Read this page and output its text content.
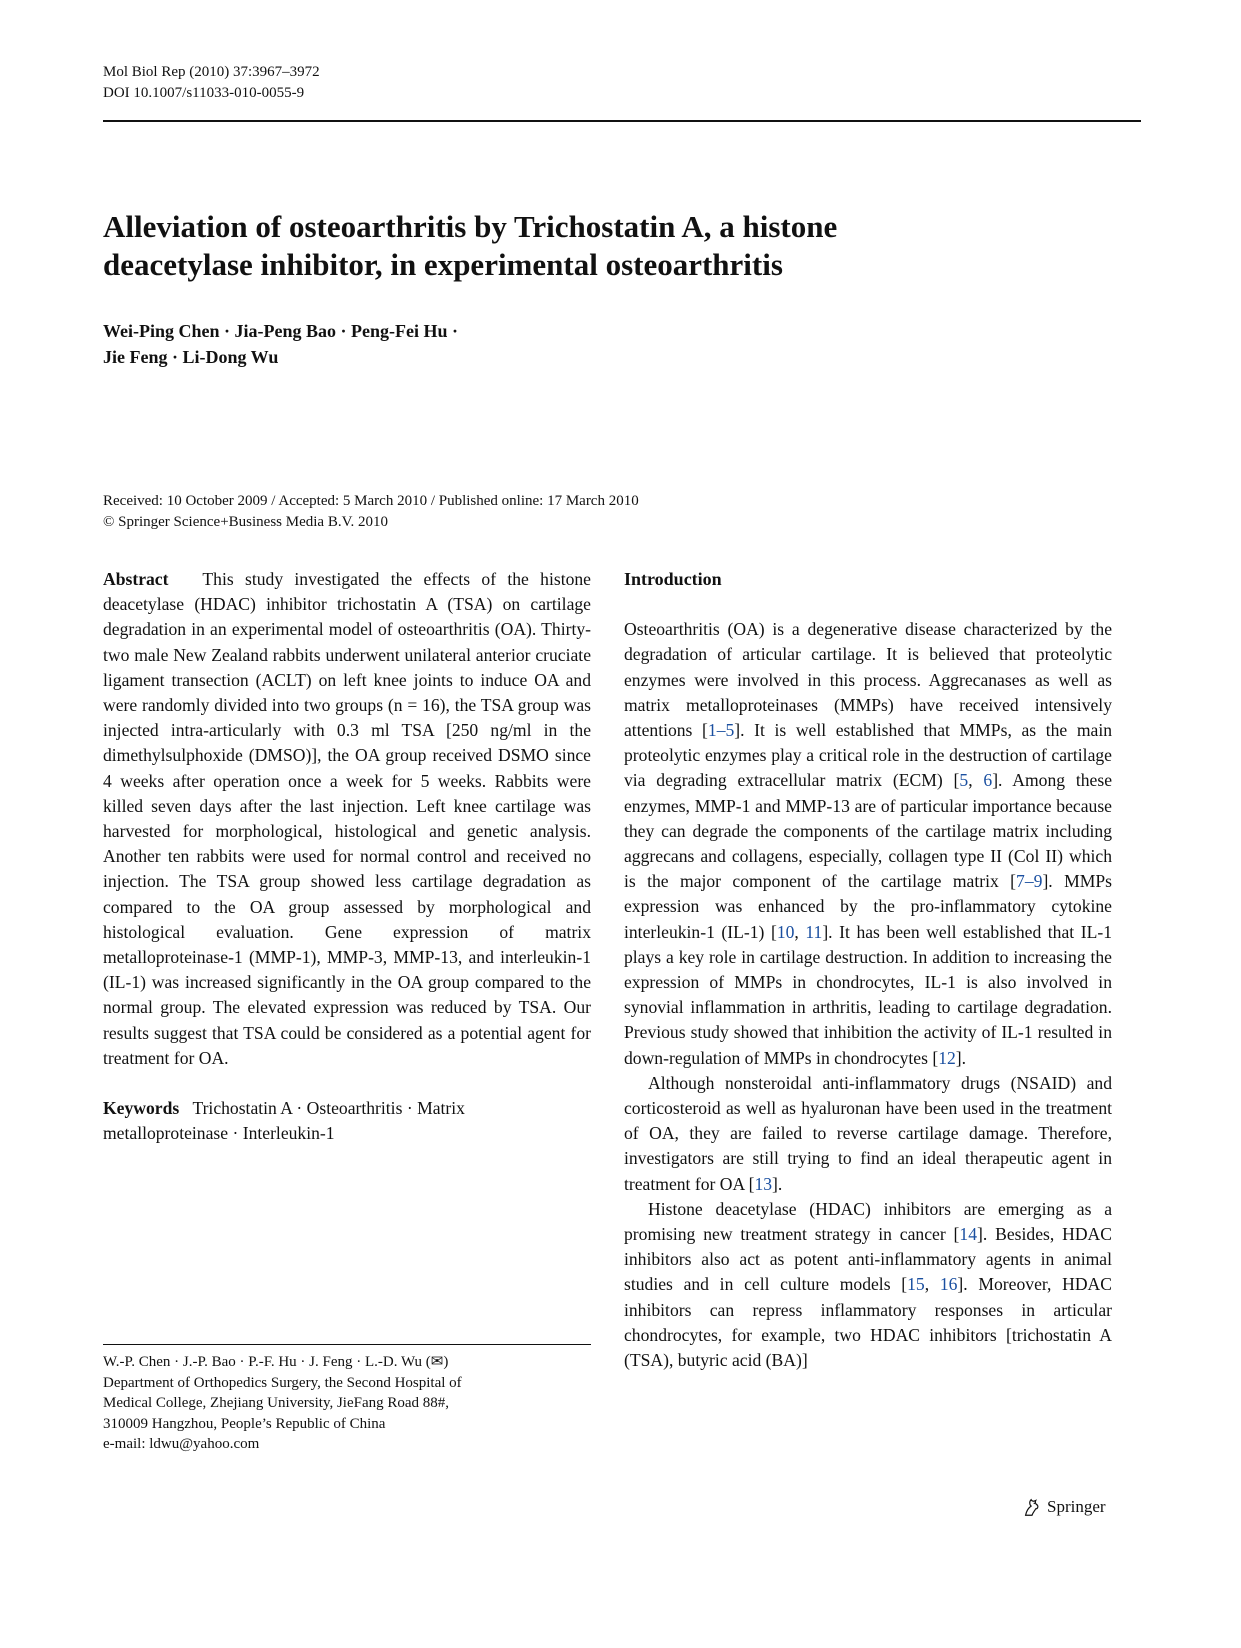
Mol Biol Rep (2010) 37:3967–3972
DOI 10.1007/s11033-010-0055-9
Alleviation of osteoarthritis by Trichostatin A, a histone
deacetylase inhibitor, in experimental osteoarthritis
Wei-Ping Chen · Jia-Peng Bao · Peng-Fei Hu ·
Jie Feng · Li-Dong Wu
Received: 10 October 2009 / Accepted: 5 March 2010 / Published online: 17 March 2010
© Springer Science+Business Media B.V. 2010

Abstract This study investigated the effects of the histone deacetylase (HDAC) inhibitor trichostatin A (TSA) on cartilage degradation in an experimental model of osteoarthritis (OA). Thirty-two male New Zealand rabbits underwent unilateral anterior cruciate ligament transection (ACLT) on left knee joints to induce OA and were randomly divided into two groups (n = 16), the TSA group was injected intra-articularly with 0.3 ml TSA [250 ng/ml in the dimethylsulphoxide (DMSO)], the OA group received DSMO since 4 weeks after operation once a week for 5 weeks. Rabbits were killed seven days after the last injection. Left knee cartilage was harvested for morphological, histological and genetic analysis. Another ten rabbits were used for normal control and received no injection. The TSA group showed less cartilage degradation as compared to the OA group assessed by morphological and histological evaluation. Gene expression of matrix metalloproteinase-1 (MMP-1), MMP-3, MMP-13, and interleukin-1 (IL-1) was increased significantly in the OA group compared to the normal group. The elevated expression was reduced by TSA. Our results suggest that TSA could be considered as a potential agent for treatment for OA.

Keywords Trichostatin A · Osteoarthritis · Matrix metalloproteinase · Interleukin-1

W.-P. Chen · J.-P. Bao · P.-F. Hu · J. Feng · L.-D. Wu (✉)
Department of Orthopedics Surgery, the Second Hospital of
Medical College, Zhejiang University, JieFang Road 88#,
310009 Hangzhou, People’s Republic of China
e-mail: ldwu@yahoo.com

Introduction

Osteoarthritis (OA) is a degenerative disease characterized by the degradation of articular cartilage. It is believed that proteolytic enzymes were involved in this process. Aggrecanases as well as matrix metalloproteinases (MMPs) have received intensively attentions [1–5]. It is well established that MMPs, as the main proteolytic enzymes play a critical role in the destruction of cartilage via degrading extracellular matrix (ECM) [5, 6]. Among these enzymes, MMP-1 and MMP-13 are of particular importance because they can degrade the components of the cartilage matrix including aggrecans and collagens, especially, collagen type II (Col II) which is the major component of the cartilage matrix [7–9]. MMPs expression was enhanced by the pro-inflammatory cytokine interleukin-1 (IL-1) [10, 11]. It has been well established that IL-1 plays a key role in cartilage destruction. In addition to increasing the expression of MMPs in chondrocytes, IL-1 is also involved in synovial inflammation in arthritis, leading to cartilage degradation. Previous study showed that inhibition the activity of IL-1 resulted in down-regulation of MMPs in chondrocytes [12].

Although nonsteroidal anti-inflammatory drugs (NSAID) and corticosteroid as well as hyaluronan have been used in the treatment of OA, they are failed to reverse cartilage damage. Therefore, investigators are still trying to find an ideal therapeutic agent in treatment for OA [13].

Histone deacetylase (HDAC) inhibitors are emerging as a promising new treatment strategy in cancer [14]. Besides, HDAC inhibitors also act as potent anti-inflammatory agents in animal studies and in cell culture models [15, 16]. Moreover, HDAC inhibitors can repress inflammatory responses in articular chondrocytes, for example, two HDAC inhibitors [trichostatin A (TSA), butyric acid (BA)]

Springer
